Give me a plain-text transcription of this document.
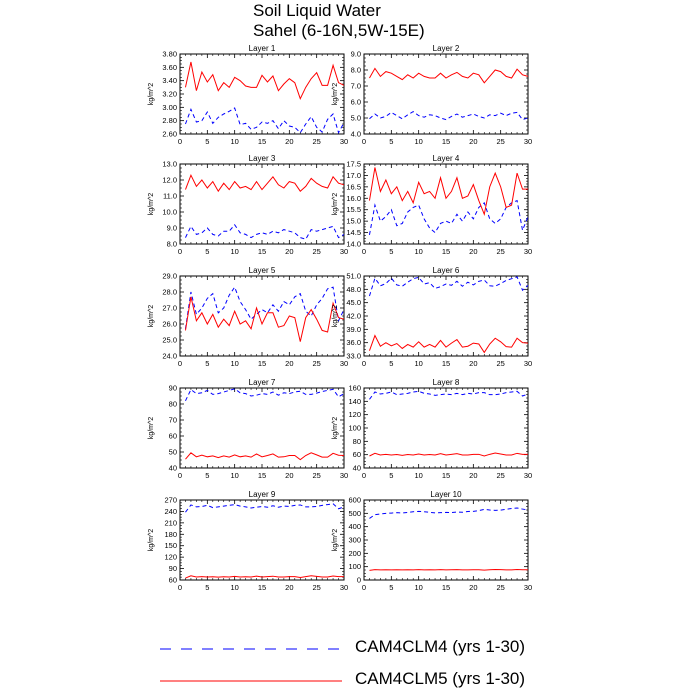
Soil Liquid Water
Sahel (6-16N,5W-15E)
Layer 1
kg/m^2
0	5	10	15	20	25	30
2.60
2.80
3.00
3.20
3.40
3.60
3.80
Layer 2
kg/m^2
0	5	10	15	20	25	30
4.0
5.0
6.0
7.0
8.0
9.0
Layer 3
kg/m^2
0	5	10	15	20	25	30
8.0
9.0
10.0
11.0
12.0
13.0
Layer 4
kg/m^2
0	5	10	15	20	25	30
14.0
14.5
15.0
15.5
16.0
16.5
17.0
17.5
Layer 5
kg/m^2
0	5	10	15	20	25	30
24.0
25.0
26.0
27.0
28.0
29.0
Layer 6
kg/m^2
0	5	10	15	20	25	30
33.0
36.0
39.0
42.0
45.0
48.0
51.0
Layer 7
kg/m^2
0	5	10	15	20	25	30
40
50
60
70
80
90
Layer 8
kg/m^2
0	5	10	15	20	25	30
40
60
80
100
120
140
160
Layer 9
kg/m^2
0	5	10	15	20	25	30
60
90
120
150
180
210
240
270
Layer 10
kg/m^2
0	5	10	15	20	25	30
0
100
200
300
400
500
600
CAM4CLM4 (yrs 1-30)
CAM4CLM5 (yrs 1-30)
